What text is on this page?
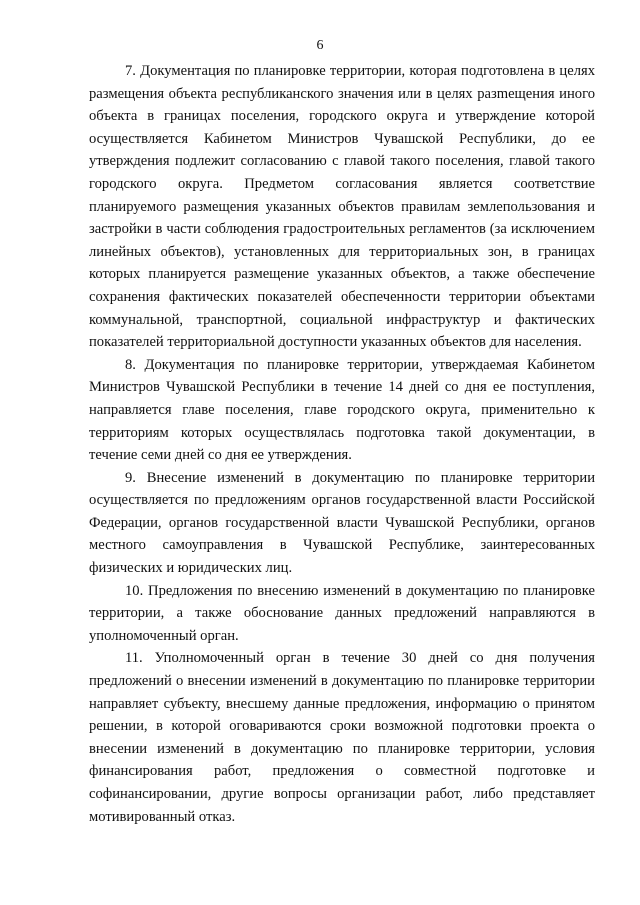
6

7. Документация по планировке территории, которая подготовлена в целях размещения объекта республиканского значения или в целях разmещения иного объекта в границах поселения, городского округа и утверждение которой осуществляется Кабинетом Министров Чувашской Республики, до ее утверждения подлежит согласованию с главой такого поселения, главой такого городского округа. Предметом согласования является соответствие планируемого размещения указанных объектов правилам землепользования и застройки в части соблюдения градостроительных регламентов (за исключением линейных объектов), установленных для территориальных зон, в границах которых планируется размещение указанных объектов, а также обеспечение сохранения фактических показателей обеспеченности территории объектами коммунальной, транспортной, социальной инфраструктур и фактических показателей территориальной доступности указанных объектов для населения.

8. Документация по планировке территории, утверждаемая Кабинетом Министров Чувашской Республики в течение 14 дней со дня ее поступления, направляется главе поселения, главе городского округа, применительно к территориям которых осуществлялась подготовка такой документации, в течение семи дней со дня ее утверждения.

9. Внесение изменений в документацию по планировке территории осуществляется по предложениям органов государственной власти Российской Федерации, органов государственной власти Чувашской Республики, органов местного самоуправления в Чувашской Республике, заинтересованных физических и юридических лиц.

10. Предложения по внесению изменений в документацию по планировке территории, а также обоснование данных предложений направляются в уполномоченный орган.

11. Уполномоченный орган в течение 30 дней со дня получения предложений о внесении изменений в документацию по планировке территории направляет субъекту, внесшему данные предложения, информацию о принятом решении, в которой оговариваются сроки возможной подготовки проекта о внесении изменений в документацию по планировке территории, условия финансирования работ, предложения о совместной подготовке и софинансировании, другие вопросы организации работ, либо представляет мотивированный отказ.
